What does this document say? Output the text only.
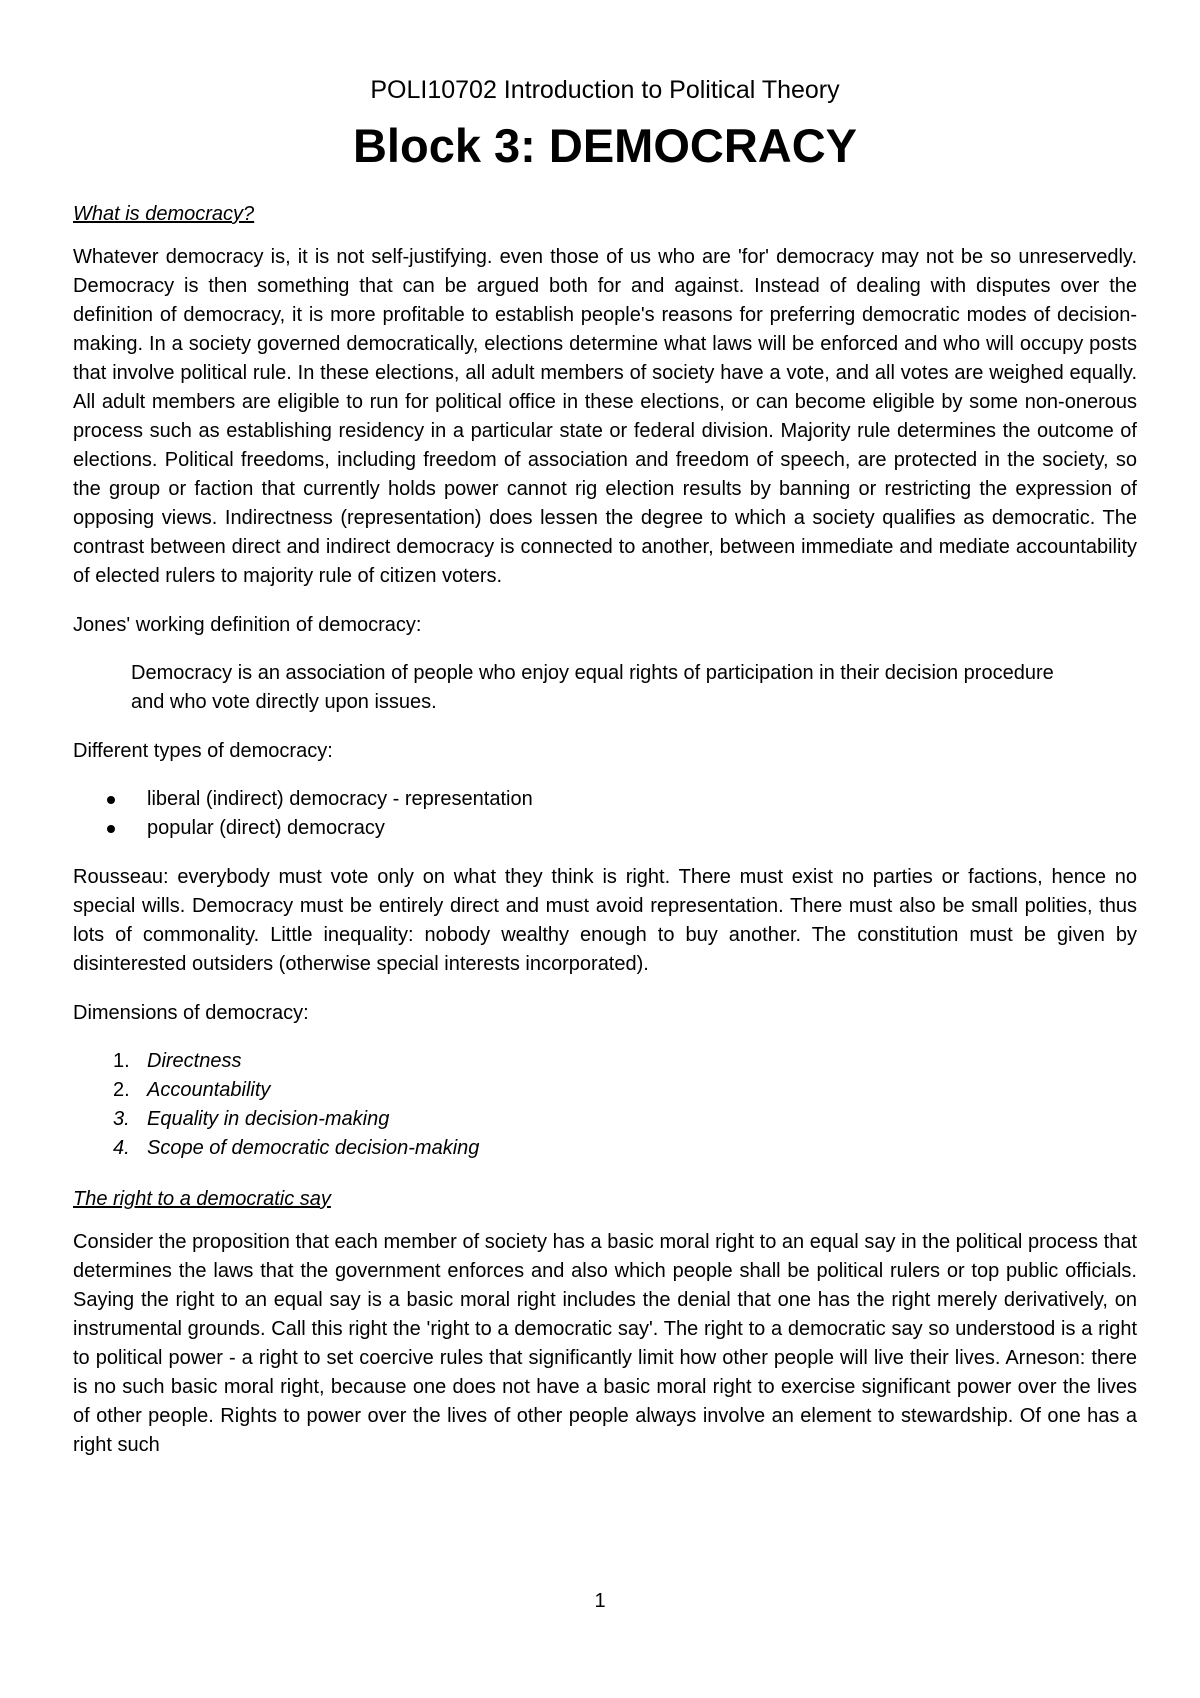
POLI10702 Introduction to Political Theory

Block 3: DEMOCRACY
What is democracy?

Whatever democracy is, it is not self-justifying. even those of us who are 'for' democracy may not be so unreservedly. Democracy is then something that can be argued both for and against. Instead of dealing with disputes over the definition of democracy, it is more profitable to establish people's reasons for preferring democratic modes of decision-making. In a society governed democratically, elections determine what laws will be enforced and who will occupy posts that involve political rule. In these elections, all adult members of society have a vote, and all votes are weighed equally. All adult members are eligible to run for political office in these elections, or can become eligible by some non-onerous process such as establishing residency in a particular state or federal division. Majority rule determines the outcome of elections. Political freedoms, including freedom of association and freedom of speech, are protected in the society, so the group or faction that currently holds power cannot rig election results by banning or restricting the expression of opposing views. Indirectness (representation) does lessen the degree to which a society qualifies as democratic. The contrast between direct and indirect democracy is connected to another, between immediate and mediate accountability of elected rulers to majority rule of citizen voters.

Jones' working definition of democracy:

Democracy is an association of people who enjoy equal rights of participation in their decision procedure and who vote directly upon issues.

Different types of democracy:

liberal (indirect) democracy - representation
popular (direct) democracy

Rousseau: everybody must vote only on what they think is right. There must exist no parties or factions, hence no special wills. Democracy must be entirely direct and must avoid representation. There must also be small polities, thus lots of commonality. Little inequality: nobody wealthy enough to buy another. The constitution must be given by disinterested outsiders (otherwise special interests incorporated).

Dimensions of democracy:

1. Directness
2. Accountability
3. Equality in decision-making
4. Scope of democratic decision-making
The right to a democratic say

Consider the proposition that each member of society has a basic moral right to an equal say in the political process that determines the laws that the government enforces and also which people shall be political rulers or top public officials. Saying the right to an equal say is a basic moral right includes the denial that one has the right merely derivatively, on instrumental grounds. Call this right the 'right to a democratic say'. The right to a democratic say so understood is a right to political power - a right to set coercive rules that significantly limit how other people will live their lives. Arneson: there is no such basic moral right, because one does not have a basic moral right to exercise significant power over the lives of other people. Rights to power over the lives of other people always involve an element to stewardship. Of one has a right such

1
